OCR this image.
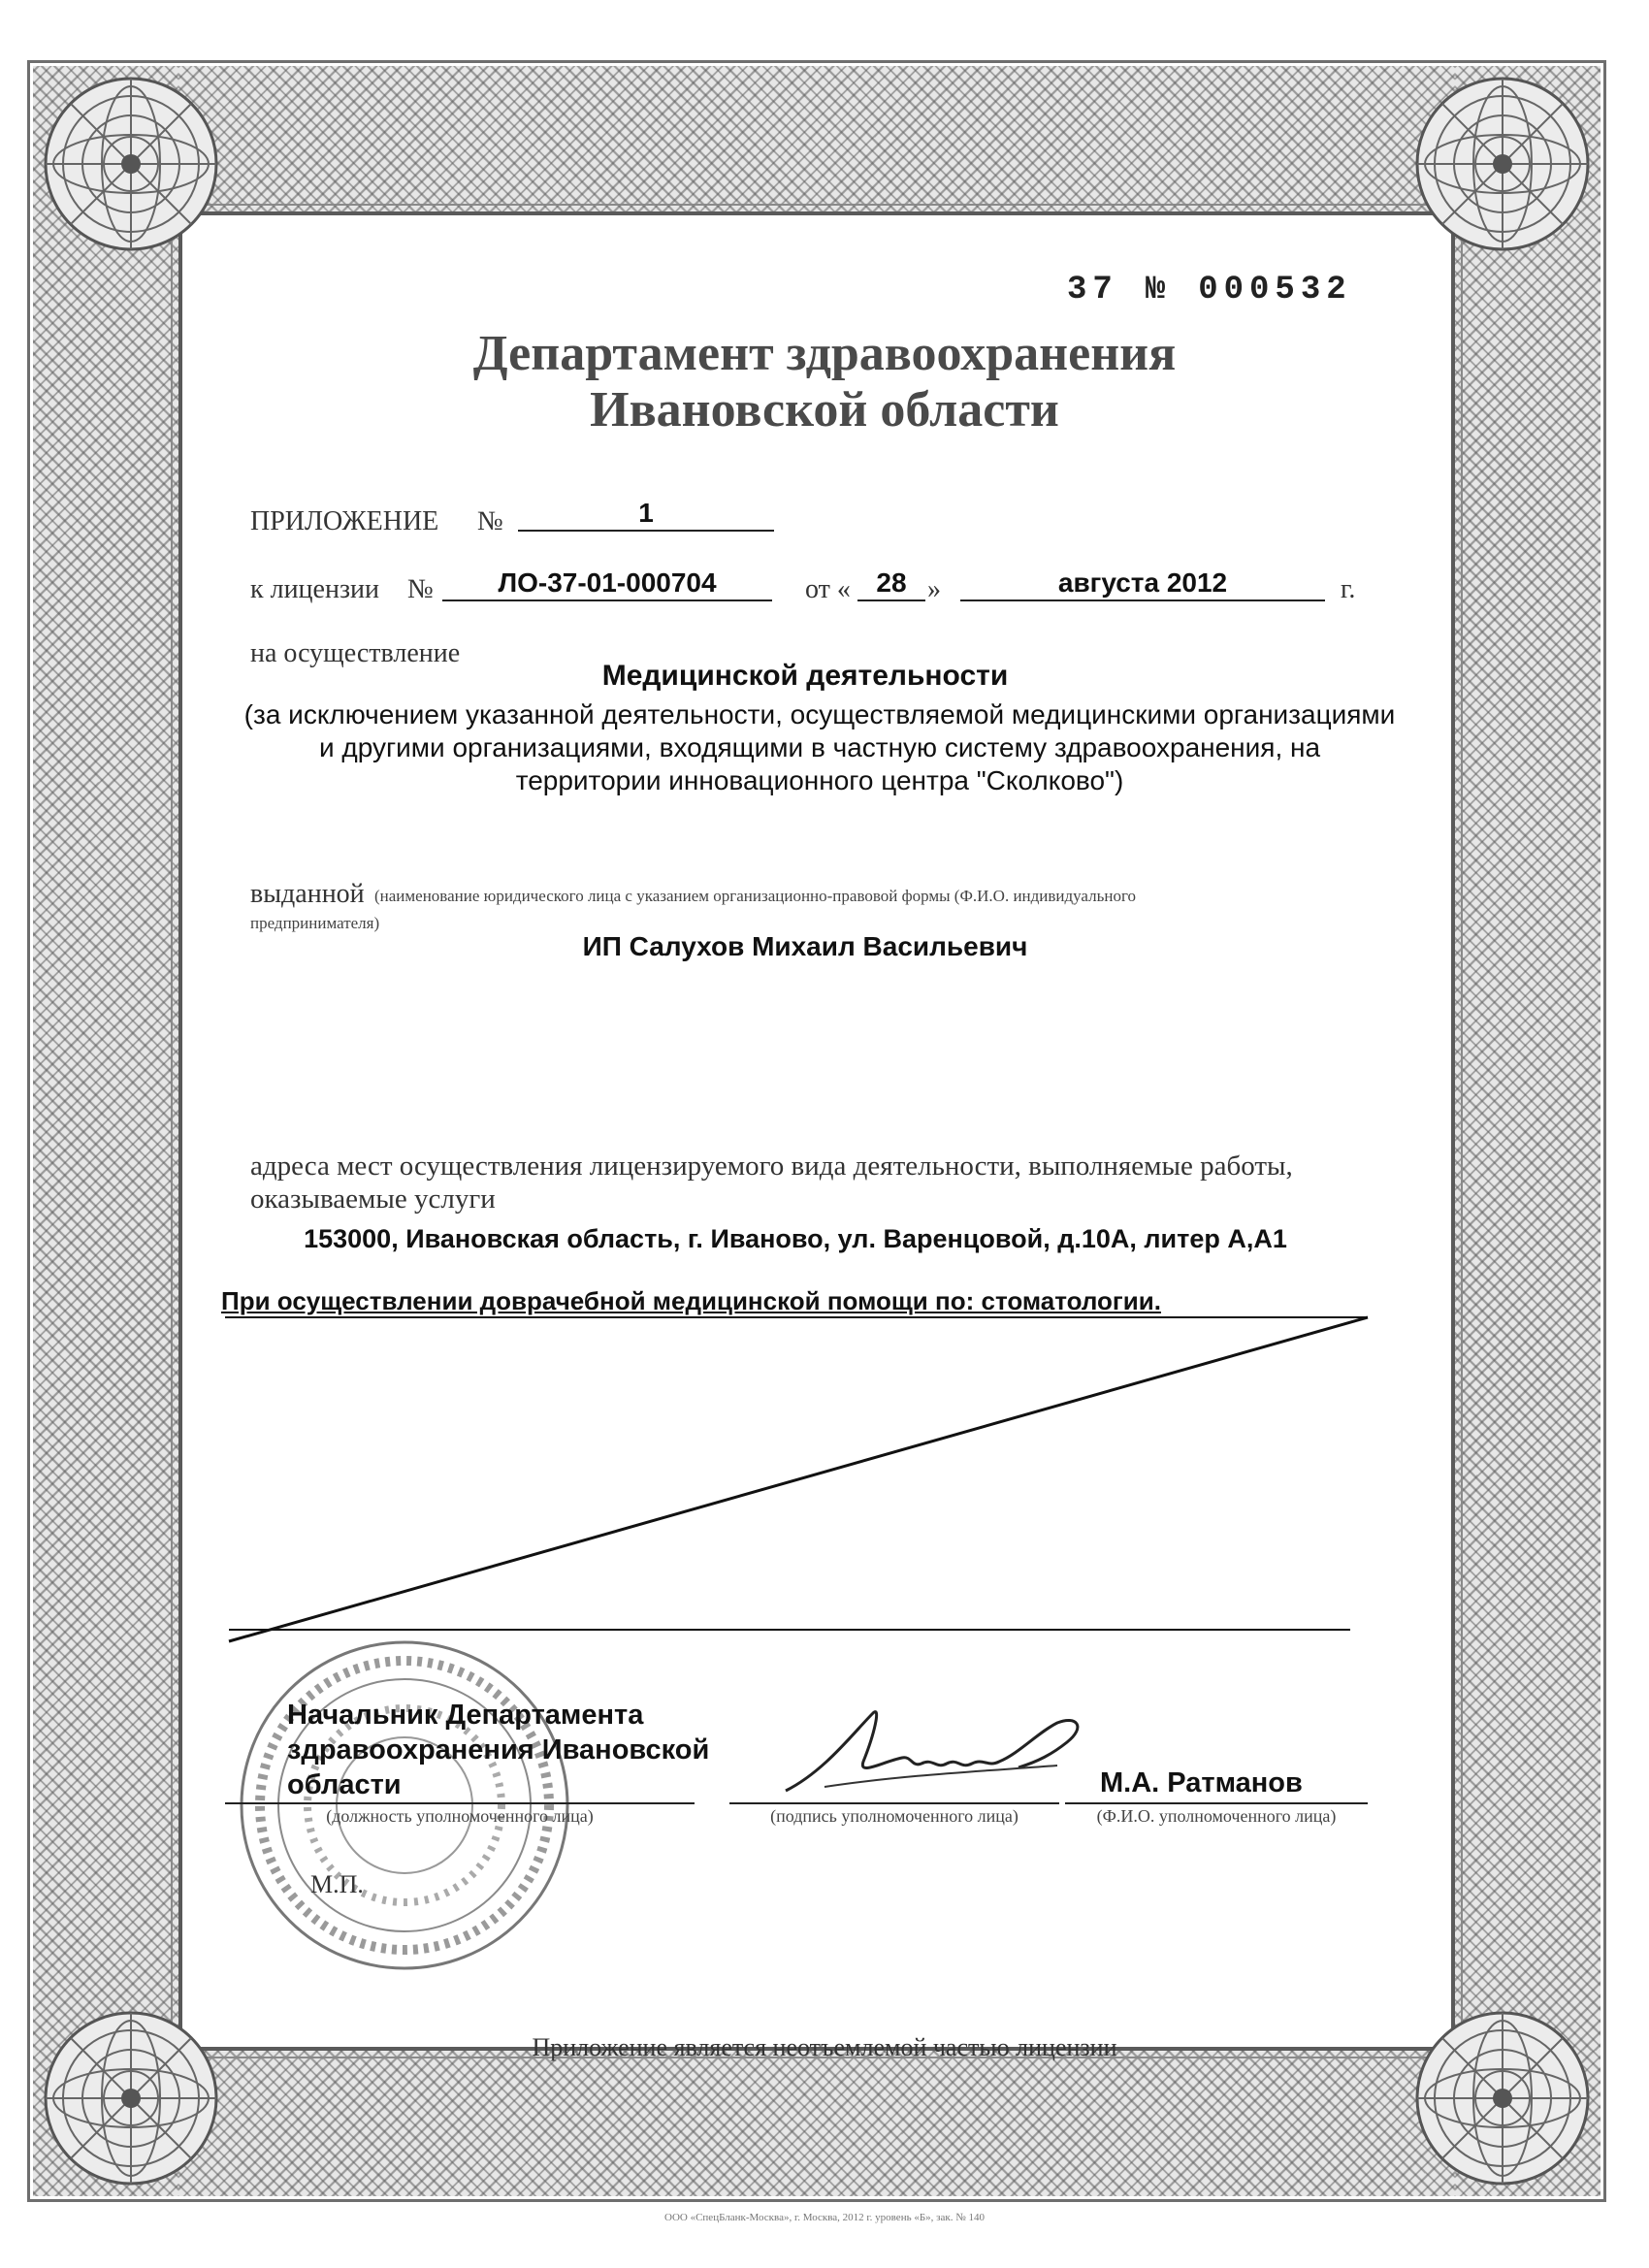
37 № 000532
Департамент здравоохранения
Ивановской области
ПРИЛОЖЕНИЕ №	1
к лицензии №	ЛО-37-01-000704	от « 28 »	августа 2012	г.
на осуществление
Медицинской деятельности
(за исключением указанной деятельности, осуществляемой медицинскими организациями
и другими организациями, входящими в частную систему здравоохранения, на
территории инновационного центра "Сколково")
выданной (наименование юридического лица с указанием организационно-правовой формы (Ф.И.О. индивидуального
предпринимателя)
ИП Салухов Михаил Васильевич
адреса мест осуществления лицензируемого вида деятельности, выполняемые работы,
оказываемые услуги
153000, Ивановская область, г. Иваново, ул. Варенцовой, д.10А, литер А,А1
При осуществлении доврачебной медицинской помощи по: стоматологии.
Начальник Департамента
здравоохранения Ивановской
области
(должность уполномоченного лица)	(подпись уполномоченного лица)
М.А. Ратманов
(Ф.И.О. уполномоченного лица)
М.П.
Приложение является неотъемлемой частью лицензии
ООО «СпецБланк-Москва», г. Москва, 2012 г. уровень «Б», зак. № 140
